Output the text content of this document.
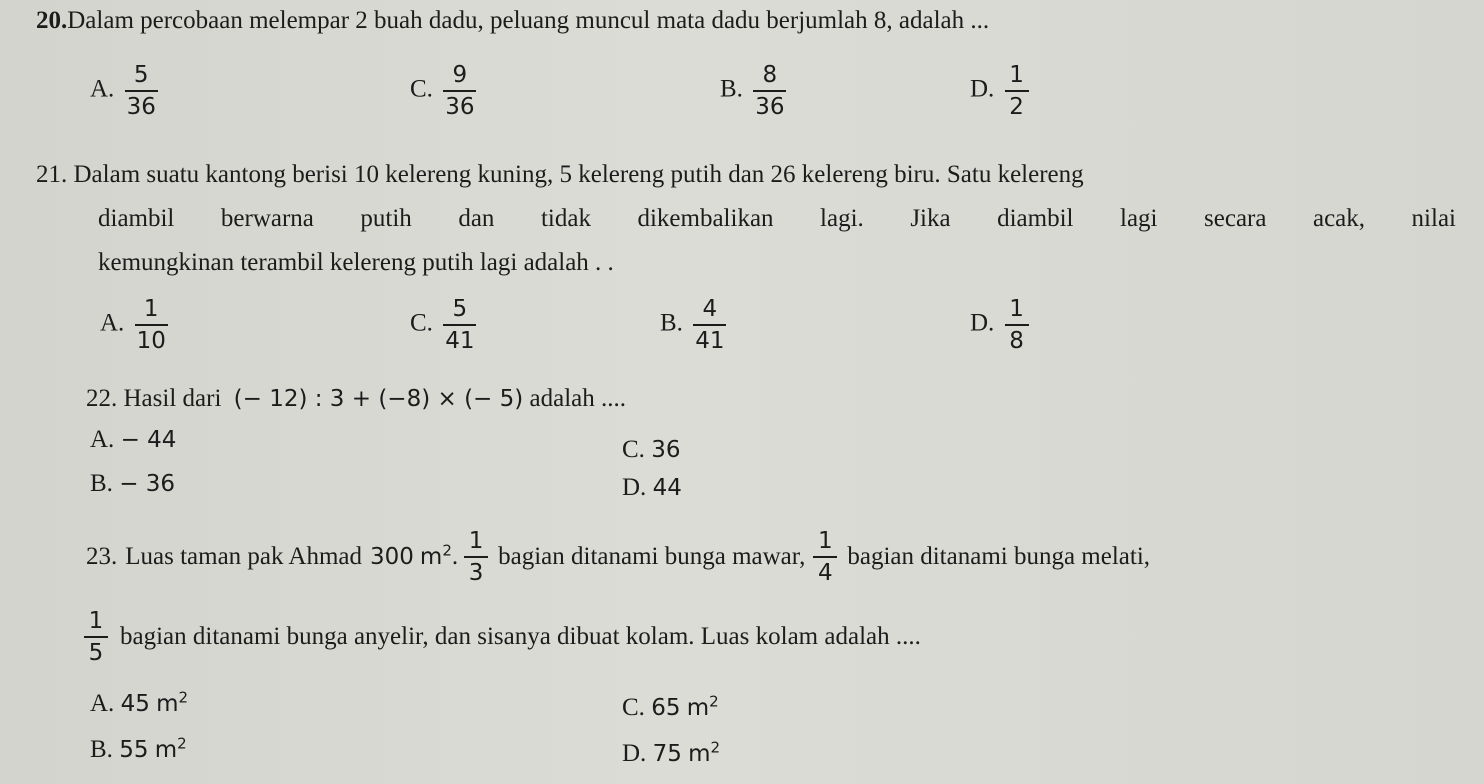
20.Dalam percobaan melempar 2 buah dadu, peluang muncul mata dadu berjumlah 8, adalah ...
A. $\frac{5}{36}$	C. $\frac{9}{36}$	B. $\frac{8}{36}$	D. $\frac{1}{2}$
21. Dalam suatu kantong berisi 10 kelereng kuning, 5 kelereng putih dan 26 kelereng biru. Satu kelereng
diambil berwarna putih dan tidak dikembalikan lagi. Jika diambil lagi secara acak, nilai
kemungkinan terambil kelereng putih lagi adalah . .
A. $\frac{1}{10}$	C. $\frac{5}{41}$	B. $\frac{4}{41}$	D. $\frac{1}{8}$
22. Hasil dari (− 12) : 3 + (−8) × (− 5) adalah ....
A. − 44	C. 36
B. − 36	D. 44
23. Luas taman pak Ahmad 300 $m^2$ . $\frac{1}{3}$ bagian ditanami bunga mawar, $\frac{1}{4}$ bagian ditanami bunga melati,
$\frac{1}{5}$ bagian ditanami bunga anyelir, dan sisanya dibuat kolam. Luas kolam adalah ....
A. 45 $m^2$	C. 65 $m^2$
B. 55 $m^2$	D. 75 $m^2$
